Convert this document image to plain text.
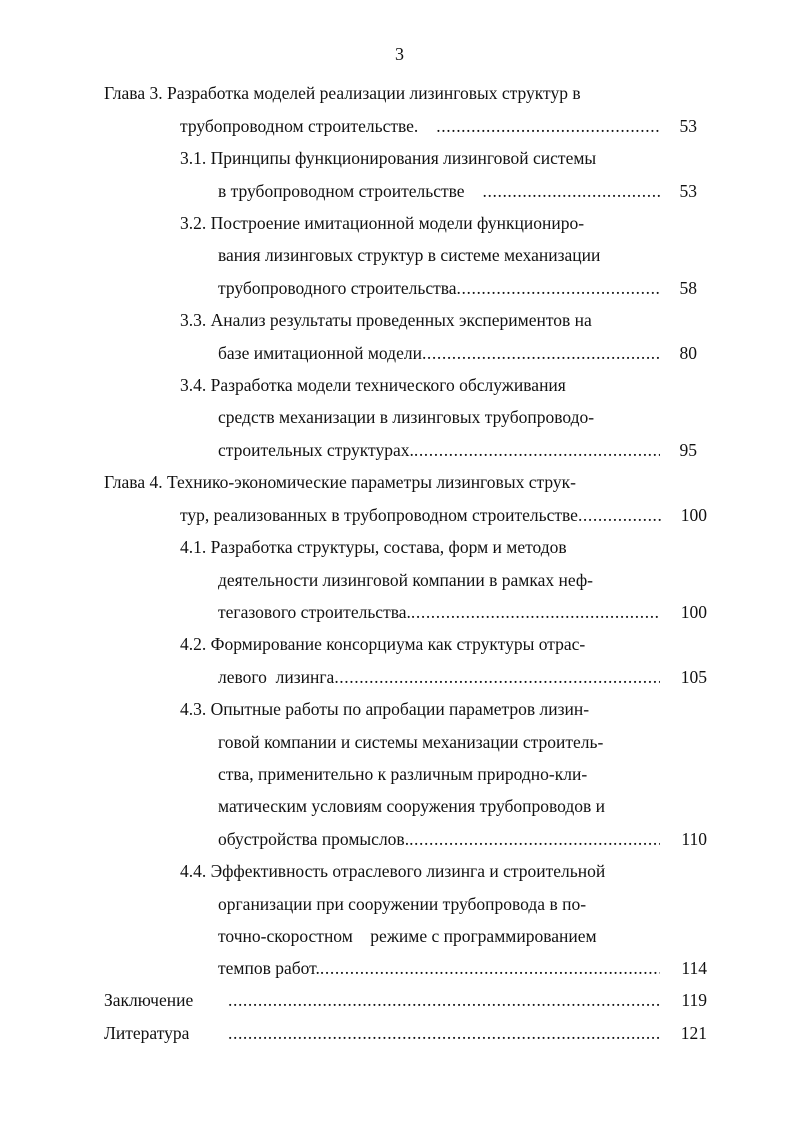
3
Глава 3. Разработка моделей реализации лизинговых структур в
трубопроводном строительстве. .....	53
3.1. Принципы функционирования лизинговой системы
в трубопроводном строительстве .....	53
3.2. Построение имитационной модели функциониро-
вания лизинговых структур в системе механизации
трубопроводного строительства .....	58
3.3. Анализ результаты проведенных экспериментов на
базе имитационной модели .....	80
3.4. Разработка модели технического обслуживания
средств механизации в лизинговых трубопроводо-
строительных структурах. .....	95
Глава 4. Технико-экономические параметры лизинговых струк-
тур, реализованных в трубопроводном строительстве .....	100
4.1. Разработка структуры, состава, форм и методов
деятельности лизинговой компании в рамках неф-
тегазового строительства. .....	100
4.2. Формирование консорциума как структуры отрас-
левого  лизинга .....	105
4.3. Опытные работы по апробации параметров лизин-
говой компании и системы механизации строитель-
ства, применительно к различным природно-кли-
матическим условиям сооружения трубопроводов и
обустройства промыслов. .....	110
4.4. Эффективность отраслевого лизинга и строительной
организации при сооружении трубопровода в по-
точно-скоростном    режиме с программированием
темпов работ. .....	114
Заключение .....	119
Литература .....	121
